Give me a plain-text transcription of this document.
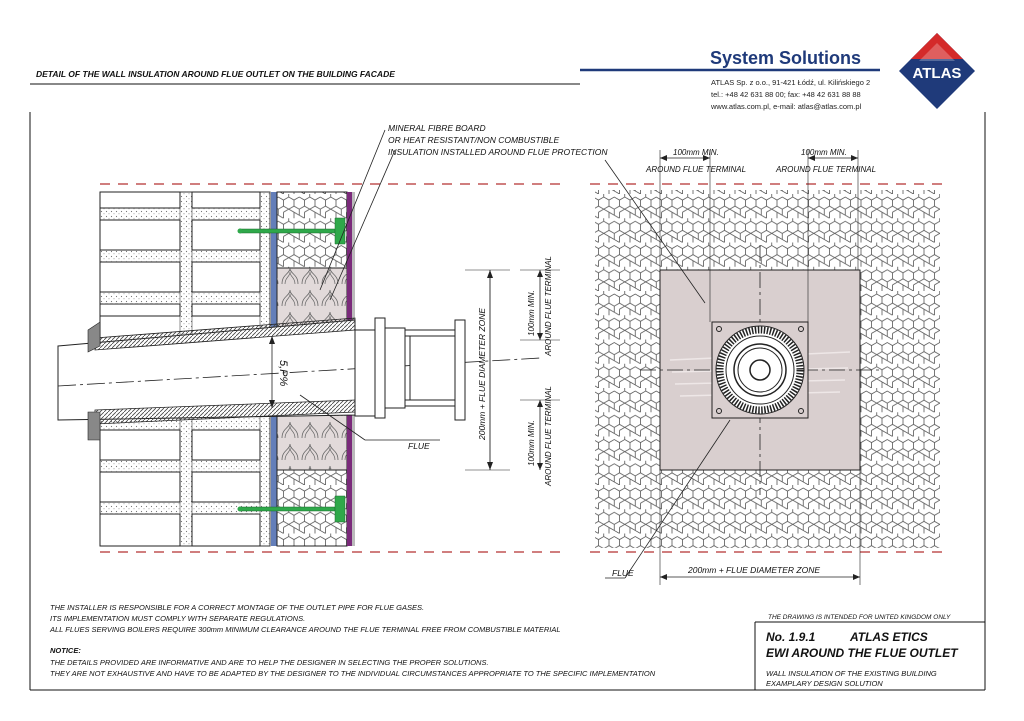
DETAIL OF THE WALL INSULATION AROUND FLUE OUTLET ON THE BUILDING FACADE
System Solutions
ATLAS Sp. z o.o., 91-421 Łódź, ul. Kilińskiego 2
tel.: +48 42 631 88 00; fax: +48 42 631 88 88
www.atlas.com.pl, e-mail: atlas@atlas.com.pl
ATLAS
5,P%	200mm + FLUE DIAMETER ZONE	100mm MIN. AROUND FLUE TERMINAL
100mm MIN. AROUND FLUE TERMINAL
MINERAL FIBRE BOARD
OR HEAT RESISTANT/NON COMBUSTIBLE
INSULATION INSTALLED AROUND FLUE PROTECTION
FLUE
100mm MIN.
AROUND FLUE TERMINAL
100mm MIN.
AROUND FLUE TERMINAL
200mm + FLUE DIAMETER ZONE
FLUE
THE INSTALLER IS RESPONSIBLE FOR A CORRECT MONTAGE OF THE OUTLET PIPE FOR FLUE GASES.
ITS IMPLEMENTATION MUST COMPLY WITH SEPARATE REGULATIONS.
ALL FLUES SERVING BOILERS REQUIRE 300mm MINIMUM CLEARANCE AROUND THE FLUE TERMINAL FREE FROM COMBUSTIBLE MATERIAL
NOTICE:
THE DETAILS PROVIDED ARE INFORMATIVE AND ARE TO HELP THE DESIGNER IN SELECTING THE PROPER SOLUTIONS.
THEY ARE NOT EXHAUSTIVE AND HAVE TO BE ADAPTED BY THE DESIGNER TO THE INDIVIDUAL CIRCUMSTANCES APPROPRIATE TO THE SPECIFIC IMPLEMENTATION
THE DRAWING IS INTENDED FOR UNITED KINGDOM ONLY
No. 1.9.1	ATLAS ETICS
EWI AROUND THE FLUE OUTLET
WALL INSULATION OF THE EXISTING BUILDING
EXAMPLARY DESIGN SOLUTION
